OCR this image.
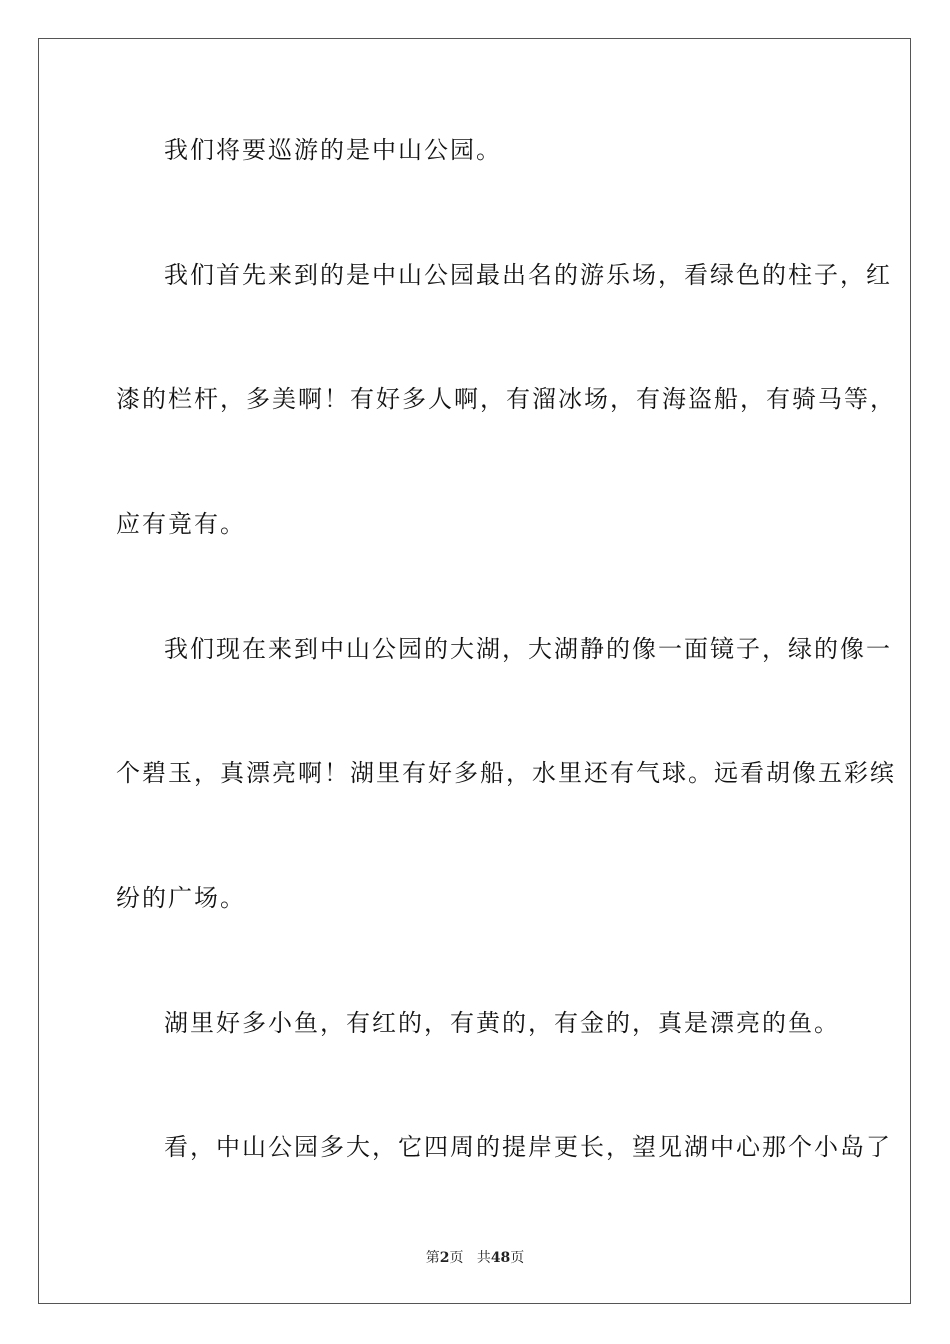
我们将要巡游的是中山公园。
我们首先来到的是中山公园最出名的游乐场，看绿色的柱子，红
漆的栏杆，多美啊！有好多人啊，有溜冰场，有海盗船，有骑马等，
应有竟有。
我们现在来到中山公园的大湖，大湖静的像一面镜子，绿的像一
个碧玉，真漂亮啊！湖里有好多船，水里还有气球。远看胡像五彩缤
纷的广场。
湖里好多小鱼，有红的，有黄的，有金的，真是漂亮的鱼。
看，中山公园多大，它四周的提岸更长，望见湖中心那个小岛了
第2页 共48页
